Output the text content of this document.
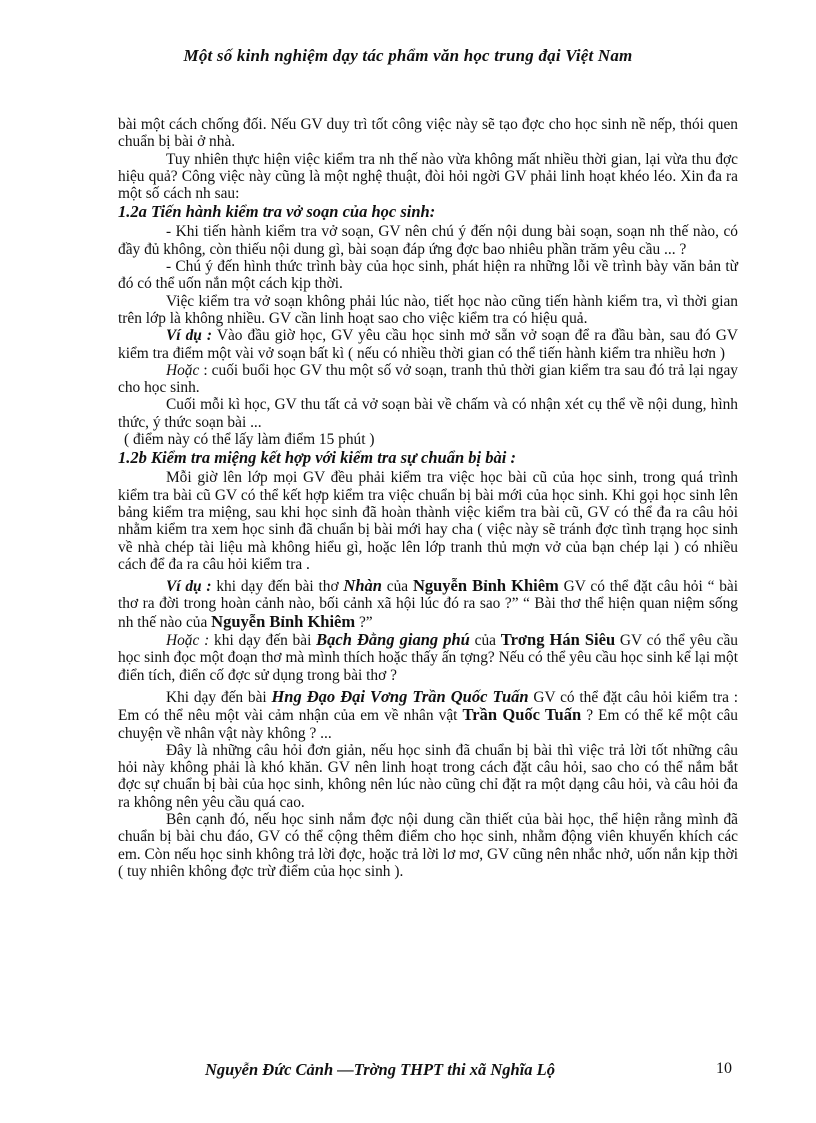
Một số kinh nghiệm dạy tác phẩm văn học trung đại Việt Nam

bài một cách chống đối. Nếu GV duy trì tốt công việc này sẽ tạo đợc cho học sinh nề nếp, thói quen chuẩn bị bài ở nhà.

Tuy nhiên thực hiện việc kiểm tra nh thế nào vừa không mất nhiều thời gian, lại vừa thu đợc hiệu quả? Công việc này cũng là một nghệ thuật, đòi hỏi ngời GV phải linh hoạt khéo léo. Xin đa ra một số cách nh sau:

1.2a Tiến hành kiểm tra vở soạn của học sinh:

- Khi tiến hành kiểm tra vở soạn, GV nên chú ý đến nội dung bài soạn, soạn nh thế nào, có đầy đủ không, còn thiếu nội dung gì, bài soạn đáp ứng đợc bao nhiêu phần trăm yêu cầu ... ?

- Chú ý đến hình thức trình bày của học sinh, phát hiện ra những lỗi về trình bày văn bản từ đó có thể uốn nắn một cách kịp thời.

Việc kiểm tra vở soạn không phải lúc nào, tiết học nào cũng tiến hành kiểm tra, vì thời gian trên lớp là không nhiều. GV cần linh hoạt sao cho việc kiểm tra có hiệu quả.

Ví dụ : Vào đầu giờ học, GV yêu cầu học sinh mở sẵn vở soạn để ra đầu bàn, sau đó GV kiểm tra điểm một vài vở soạn bất kì ( nếu có nhiều thời gian có thể tiến hành kiểm tra nhiều hơn )

Hoặc : cuối buổi học GV thu một số vở soạn, tranh thủ thời gian kiểm tra sau đó trả lại ngay cho học sinh.

Cuối mỗi kì học, GV thu tất cả vở soạn bài về chấm và có nhận xét cụ thể về nội dung, hình thức, ý thức soạn bài ...

( điểm này có thể lấy làm điểm 15 phút )

1.2b Kiểm tra miệng kết hợp với kiểm tra sự chuẩn bị bài :

Mỗi giờ lên lớp mọi GV đều phải kiểm tra việc học bài cũ của học sinh, trong quá trình kiểm tra bài cũ GV có thể kết hợp kiểm tra việc chuẩn bị bài mới của học sinh. Khi gọi học sinh lên bảng kiểm tra miệng, sau khi học sinh đã hoàn thành việc kiểm tra bài cũ, GV có thể đa ra câu hỏi nhằm kiểm tra xem học sinh đã chuẩn bị bài mới hay cha ( việc này sẽ tránh đợc tình trạng học sinh về nhà chép tài liệu mà không hiểu gì, hoặc lên lớp tranh thủ mợn vở của bạn chép lại ) có nhiều cách để đa ra câu hỏi kiểm tra .

Ví dụ : khi dạy đến bài thơ Nhàn của Nguyễn Bỉnh Khiêm GV có thể đặt câu hỏi “ bài thơ ra đời trong hoàn cảnh nào, bối cảnh xã hội lúc đó ra sao ?” “ Bài thơ thể hiện quan niệm sống nh thế nào của Nguyễn Bỉnh Khiêm ?”

Hoặc : khi dạy đến bài Bạch Đằng giang phú của Trơng Hán Siêu GV có thể yêu cầu học sinh đọc một đoạn thơ mà mình thích hoặc thấy ấn tợng? Nếu có thể yêu cầu học sinh kể lại một điển tích, điển cố đợc sử dụng trong bài thơ ?

Khi dạy đến bài Hng Đạo Đại Vơng Trần Quốc Tuấn GV có thể đặt câu hỏi kiểm tra : Em có thể nêu một vài cảm nhận của em về nhân vật Trần Quốc Tuấn ? Em có thể kể một câu chuyện về nhân vật này không ? ...

Đây là những câu hỏi đơn giản, nếu học sinh đã chuẩn bị bài thì việc trả lời tốt những câu hỏi này không phải là khó khăn. GV nên linh hoạt trong cách đặt câu hỏi, sao cho có thể nắm bắt đợc sự chuẩn bị bài của học sinh, không nên lúc nào cũng chỉ đặt ra một dạng câu hỏi, và câu hỏi đa ra không nên yêu cầu quá cao.

Bên cạnh đó, nếu học sinh nắm đợc nội dung cần thiết của bài học, thể hiện rằng mình đã chuẩn bị bài chu đáo, GV có thể cộng thêm điểm cho học sinh, nhằm động viên khuyến khích các em. Còn nếu học sinh không trả lời đợc, hoặc trả lời lơ mơ, GV cũng nên nhắc nhở, uốn nắn kịp thời ( tuy nhiên không đợc trừ điểm của học sinh ).

Nguyễn Đức Cảnh —Trờng THPT thi xã Nghĩa Lộ	10
